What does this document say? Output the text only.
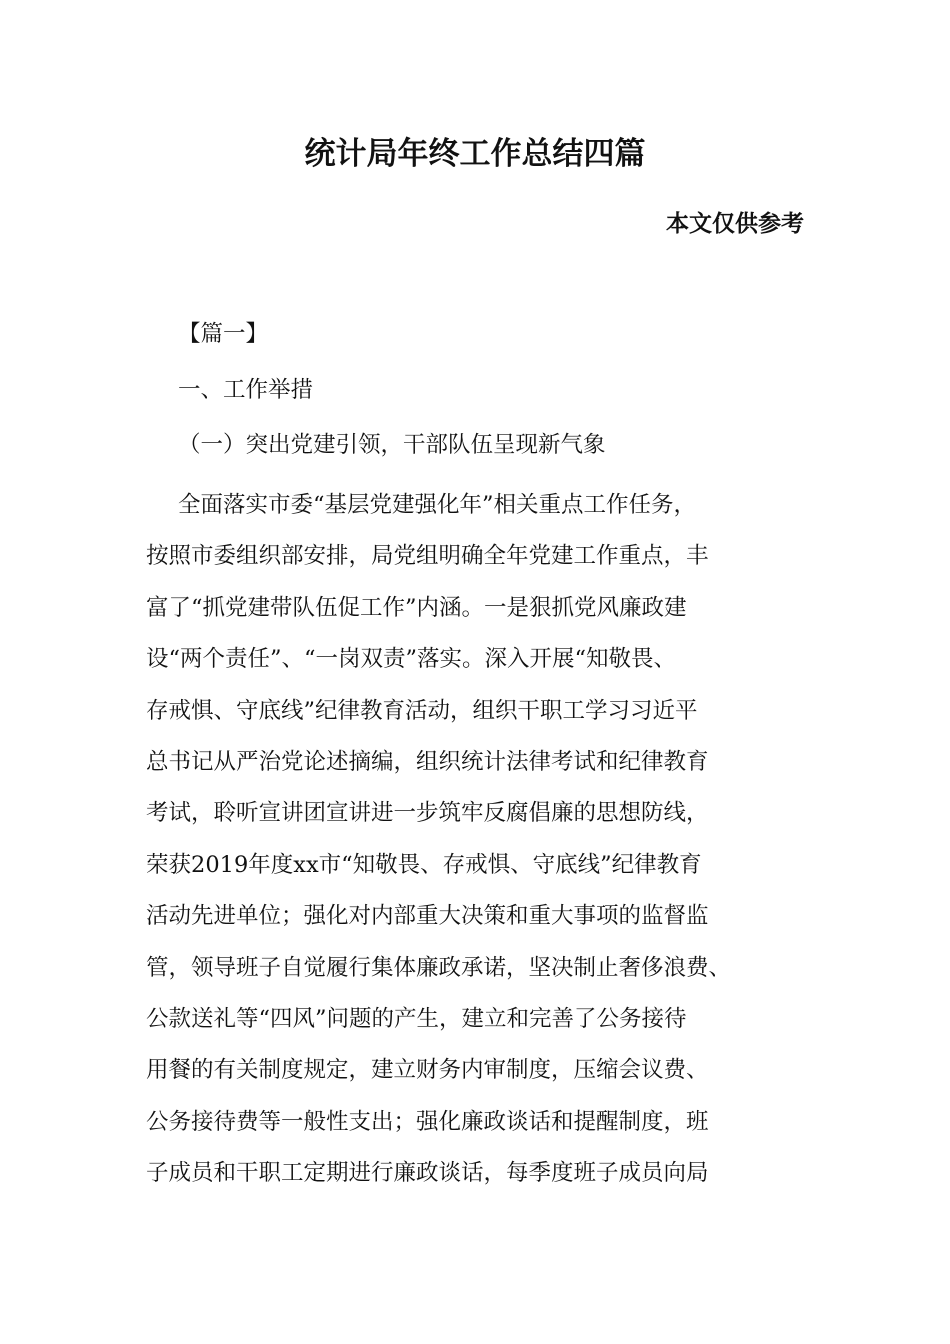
统计局年终工作总结四篇

本文仅供参考

【篇一】

一、工作举措

（一）突出党建引领，干部队伍呈现新气象

全面落实市委“基层党建强化年”相关重点工作任务，
按照市委组织部安排，局党组明确全年党建工作重点，丰
富了“抓党建带队伍促工作”内涵。一是狠抓党风廉政建
设“两个责任”、“一岗双责”落实。深入开展“知敬畏、
存戒惧、守底线”纪律教育活动，组织干职工学习习近平
总书记从严治党论述摘编，组织统计法律考试和纪律教育
考试，聆听宣讲团宣讲进一步筑牢反腐倡廉的思想防线，
荣获2019年度xx市“知敬畏、存戒惧、守底线”纪律教育
活动先进单位；强化对内部重大决策和重大事项的监督监
管，领导班子自觉履行集体廉政承诺，坚决制止奢侈浪费、
公款送礼等“四风”问题的产生，建立和完善了公务接待
用餐的有关制度规定，建立财务内审制度，压缩会议费、
公务接待费等一般性支出；强化廉政谈话和提醒制度，班
子成员和干职工定期进行廉政谈话，每季度班子成员向局
